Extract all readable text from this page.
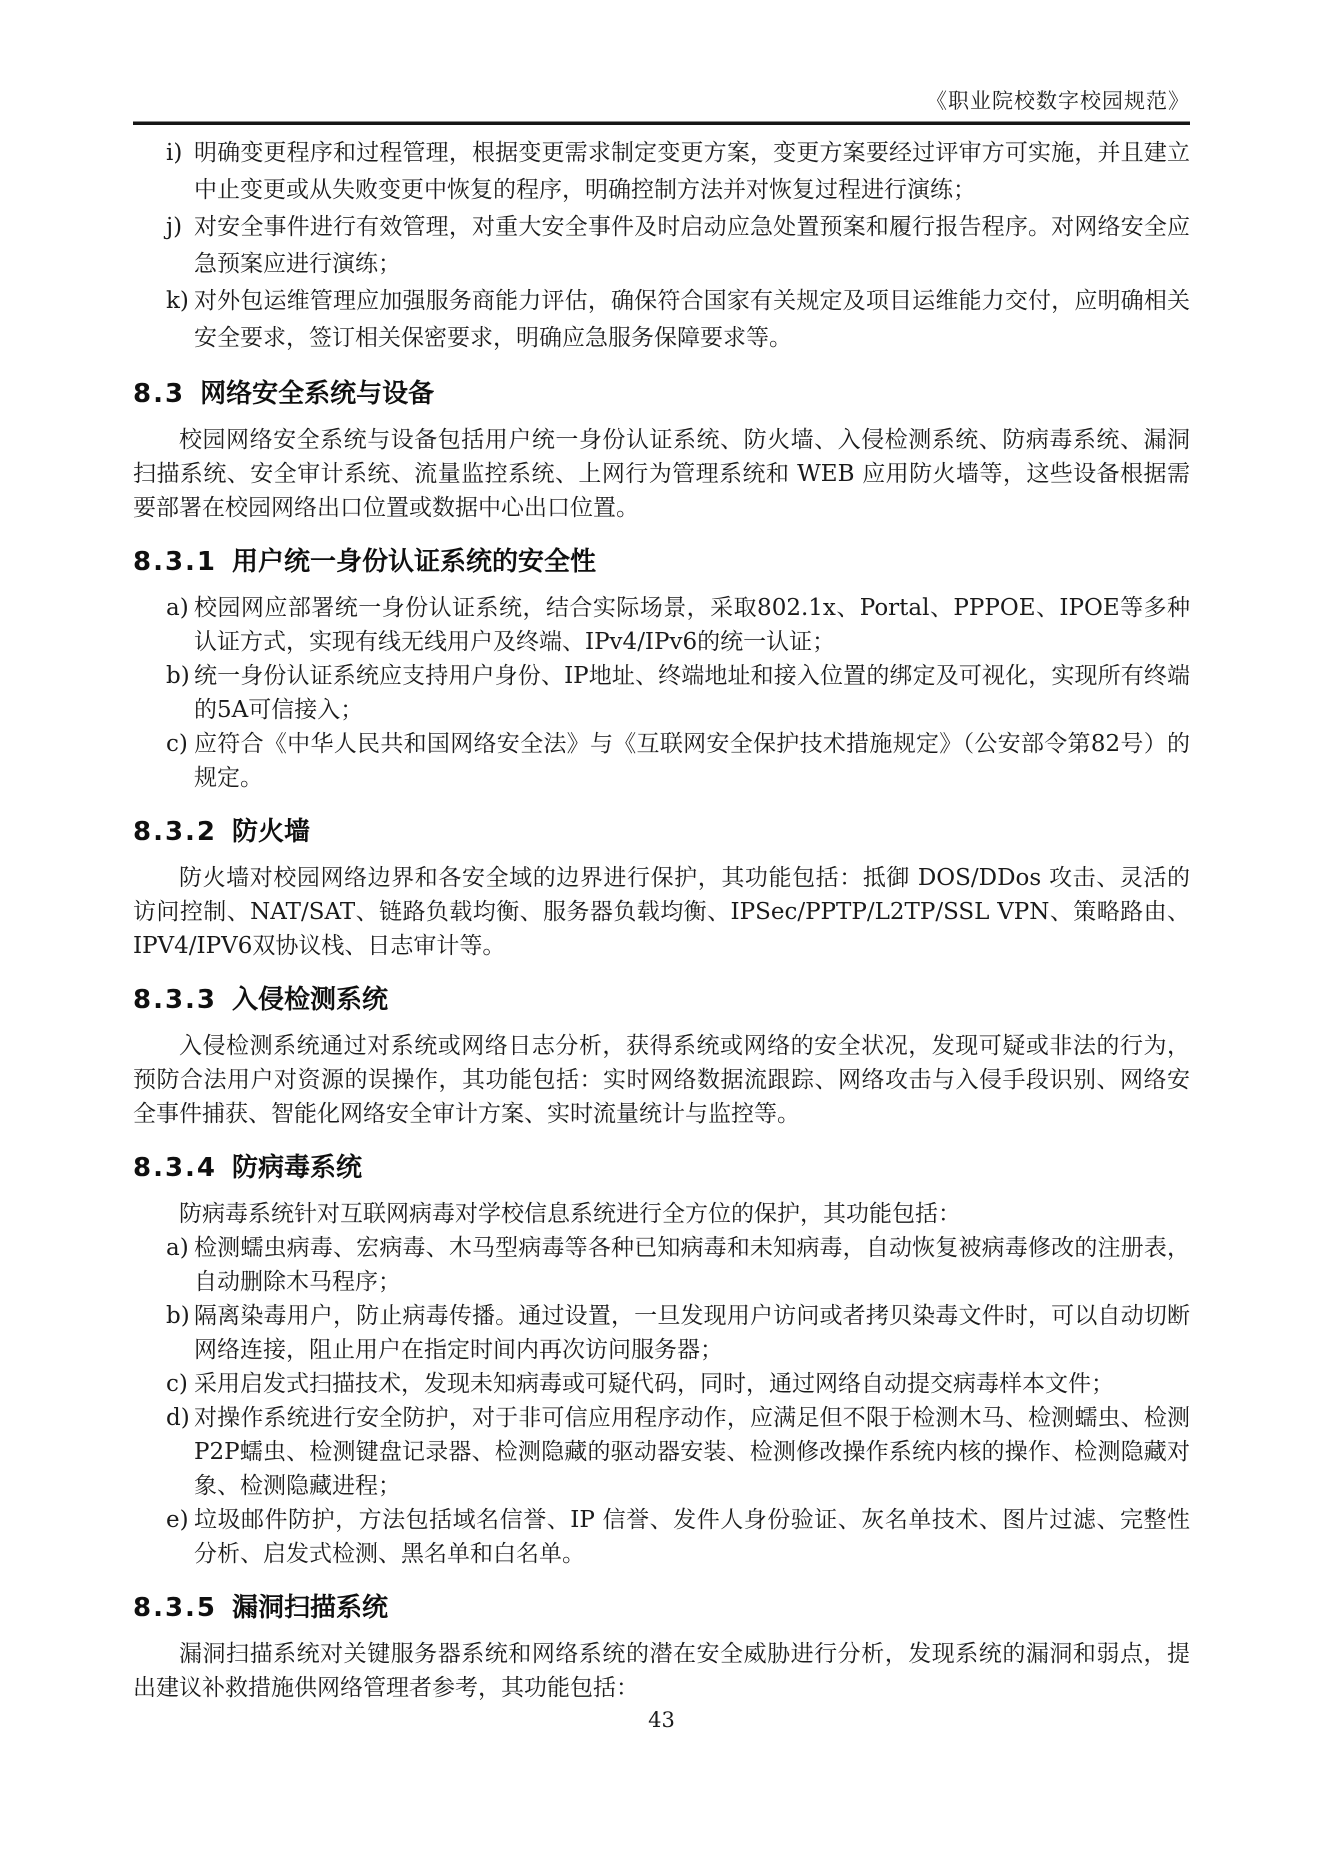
《职业院校数字校园规范》
i) 明确变更程序和过程管理，根据变更需求制定变更方案，变更方案要经过评审方可实施，并且建立中止变更或从失败变更中恢复的程序，明确控制方法并对恢复过程进行演练；
j) 对安全事件进行有效管理，对重大安全事件及时启动应急处置预案和履行报告程序。对网络安全应急预案应进行演练；
k) 对外包运维管理应加强服务商能力评估，确保符合国家有关规定及项目运维能力交付，应明确相关安全要求，签订相关保密要求，明确应急服务保障要求等。
8.3 网络安全系统与设备

校园网络安全系统与设备包括用户统一身份认证系统、防火墙、入侵检测系统、防病毒系统、漏洞扫描系统、安全审计系统、流量监控系统、上网行为管理系统和 WEB 应用防火墙等，这些设备根据需要部署在校园网络出口位置或数据中心出口位置。

8.3.1 用户统一身份认证系统的安全性
a) 校园网应部署统一身份认证系统，结合实际场景，采取802.1x、Portal、PPPOE、IPOE等多种认证方式，实现有线无线用户及终端、IPv4/IPv6的统一认证；
b) 统一身份认证系统应支持用户身份、IP地址、终端地址和接入位置的绑定及可视化，实现所有终端的5A可信接入；
c) 应符合《中华人民共和国网络安全法》与《互联网安全保护技术措施规定》（公安部令第82号）的规定。
8.3.2 防火墙

防火墙对校园网络边界和各安全域的边界进行保护，其功能包括：抵御 DOS/DDos 攻击、灵活的访问控制、NAT/SAT、链路负载均衡、服务器负载均衡、IPSec/PPTP/L2TP/SSL VPN、策略路由、IPV4/IPV6双协议栈、日志审计等。

8.3.3 入侵检测系统

入侵检测系统通过对系统或网络日志分析，获得系统或网络的安全状况，发现可疑或非法的行为，预防合法用户对资源的误操作，其功能包括：实时网络数据流跟踪、网络攻击与入侵手段识别、网络安全事件捕获、智能化网络安全审计方案、实时流量统计与监控等。

8.3.4 防病毒系统

防病毒系统针对互联网病毒对学校信息系统进行全方位的保护，其功能包括：

a) 检测蠕虫病毒、宏病毒、木马型病毒等各种已知病毒和未知病毒，自动恢复被病毒修改的注册表，自动删除木马程序；
b) 隔离染毒用户，防止病毒传播。通过设置，一旦发现用户访问或者拷贝染毒文件时，可以自动切断网络连接，阻止用户在指定时间内再次访问服务器；
c) 采用启发式扫描技术，发现未知病毒或可疑代码，同时，通过网络自动提交病毒样本文件；
d) 对操作系统进行安全防护，对于非可信应用程序动作，应满足但不限于检测木马、检测蠕虫、检测P2P蠕虫、检测键盘记录器、检测隐藏的驱动器安装、检测修改操作系统内核的操作、检测隐藏对象、检测隐藏进程；
e) 垃圾邮件防护，方法包括域名信誉、IP 信誉、发件人身份验证、灰名单技术、图片过滤、完整性分析、启发式检测、黑名单和白名单。
8.3.5 漏洞扫描系统

漏洞扫描系统对关键服务器系统和网络系统的潜在安全威胁进行分析，发现系统的漏洞和弱点，提出建议补救措施供网络管理者参考，其功能包括：

43
